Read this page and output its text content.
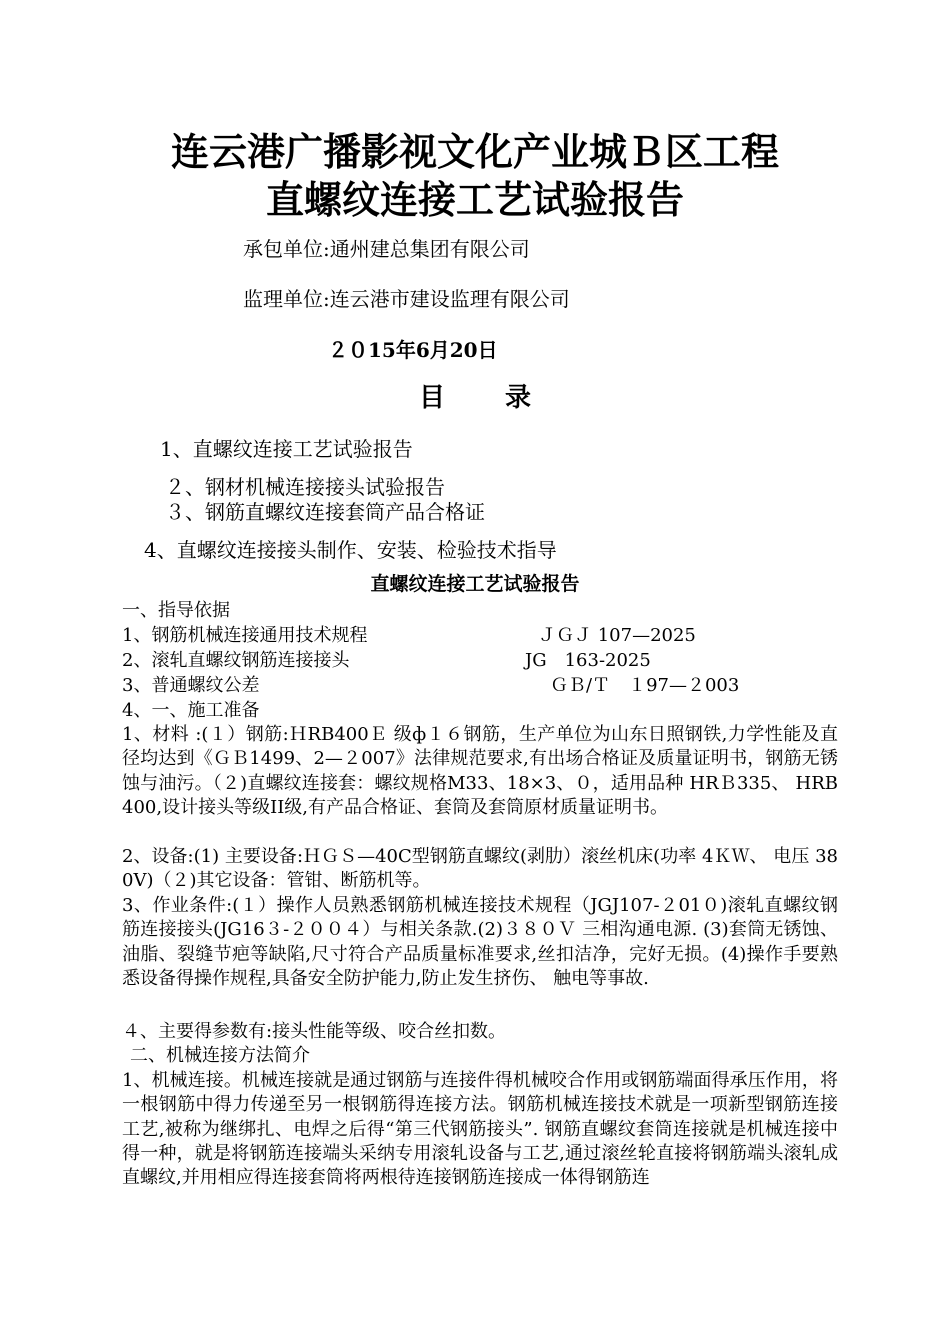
连云港广播影视文化产业城Ｂ区工程
直螺纹连接工艺试验报告
承包单位:通州建总集团有限公司
监理单位:连云港市建设监理有限公司
２０15年6月20日
目录
1、直螺纹连接工艺试验报告
２、钢材机械连接接头试验报告
３、钢筋直螺纹连接套筒产品合格证
4、直螺纹连接接头制作、安装、检验技术指导
直螺纹连接工艺试验报告
一、指导依据
1、钢筋机械连接通用技术规程	ＪＧＪ 107—2025
2、滚轧直螺纹钢筋连接接头	JG　163-2025
3、普通螺纹公差	ＧＢ/Ｔ　１97—２003
4、一、施工准备
1、材料 :(１）钢筋:ＨRB400Ｅ 级ф１６钢筋，生产单位为山东日照钢铁,力学性能及直径均达到《ＧＢ1499、2—２007》法律规范要求,有出场合格证及质量证明书，钢筋无锈蚀与油污。（２)直螺纹连接套：螺纹规格M33、18×3、０，适用品种 HRＢ335、 HRB400,设计接头等级II级,有产品合格证、套筒及套筒原材质量证明书。
2、设备:(1) 主要设备:ＨＧＳ—40C型钢筋直螺纹(剥肋）滚丝机床(功率 4ＫＷ、 电压 380V)（２)其它设备：管钳、断筋机等。
3、作业条件:(１）操作人员熟悉钢筋机械连接技术规程（JGJ107-２01０)滚轧直螺纹钢筋连接接头(JG16３-２００４）与相关条款.(2)３８０Ｖ 三相沟通电源. (3)套筒无锈蚀、油脂、裂缝节疤等缺陷,尺寸符合产品质量标准要求,丝扣洁净，完好无损。(4)操作手要熟悉设备得操作规程,具备安全防护能力,防止发生挤伤、 触电等事故.
４、主要得参数有:接头性能等级、咬合丝扣数。
二、机械连接方法简介
1、机械连接。机械连接就是通过钢筋与连接件得机械咬合作用或钢筋端面得承压作用，将一根钢筋中得力传递至另一根钢筋得连接方法。钢筋机械连接技术就是一项新型钢筋连接工艺,被称为继绑扎、电焊之后得“第三代钢筋接头”. 钢筋直螺纹套筒连接就是机械连接中得一种，就是将钢筋连接端头采纳专用滚轧设备与工艺,通过滚丝轮直接将钢筋端头滚轧成直螺纹,并用相应得连接套筒将两根待连接钢筋连接成一体得钢筋连
